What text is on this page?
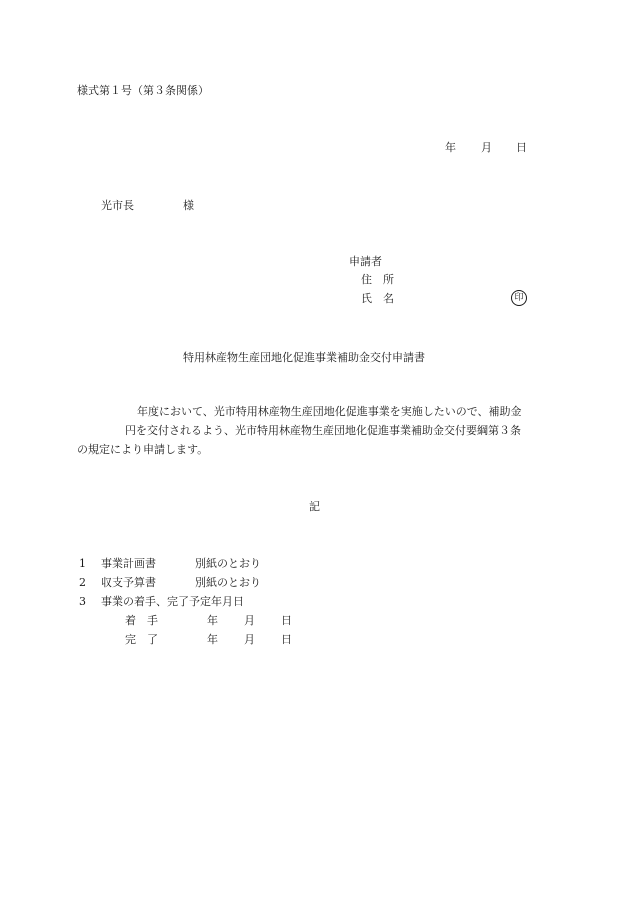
様式第１号（第３条関係）
年 月 日
光市長	様
申請者
住　所
氏　名	印
特用林産物生産団地化促進事業補助金交付申請書
年度において、光市特用林産物生産団地化促進事業を実施したいので、補助金
円を交付されるよう、光市特用林産物生産団地化促進事業補助金交付要綱第３条
の規定により申請します。
記
1 事業計画書	別紙のとおり
2 収支予算書	別紙のとおり
3 事業の着手、完了予定年月日
着　手	年 月 日
完　了	年 月 日
